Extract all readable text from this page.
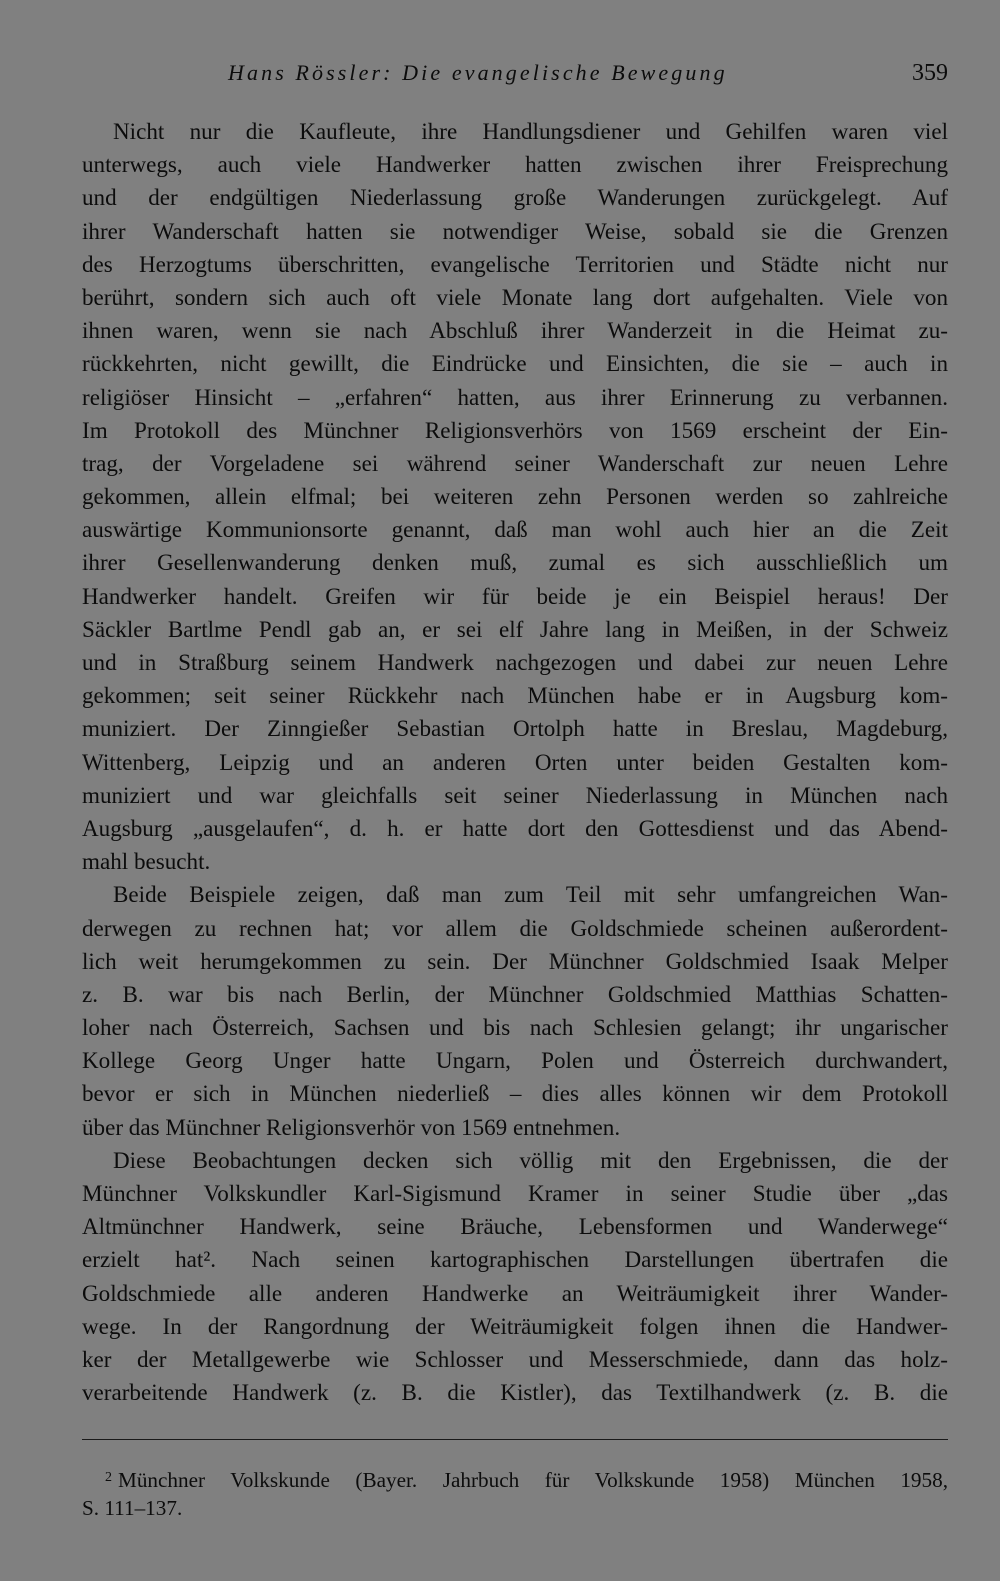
Hans Rössler: Die evangelische Bewegung	359
Nicht nur die Kaufleute, ihre Handlungsdiener und Gehilfen waren viel
unterwegs, auch viele Handwerker hatten zwischen ihrer Freisprechung
und der endgültigen Niederlassung große Wanderungen zurückgelegt. Auf
ihrer Wanderschaft hatten sie notwendiger Weise, sobald sie die Grenzen
des Herzogtums überschritten, evangelische Territorien und Städte nicht nur
berührt, sondern sich auch oft viele Monate lang dort aufgehalten. Viele von
ihnen waren, wenn sie nach Abschluß ihrer Wanderzeit in die Heimat zu-
rückkehrten, nicht gewillt, die Eindrücke und Einsichten, die sie – auch in
religiöser Hinsicht – „erfahren“ hatten, aus ihrer Erinnerung zu verbannen.
Im Protokoll des Münchner Religionsverhörs von 1569 erscheint der Ein-
trag, der Vorgeladene sei während seiner Wanderschaft zur neuen Lehre
gekommen, allein elfmal; bei weiteren zehn Personen werden so zahlreiche
auswärtige Kommunionsorte genannt, daß man wohl auch hier an die Zeit
ihrer Gesellenwanderung denken muß, zumal es sich ausschließlich um
Handwerker handelt. Greifen wir für beide je ein Beispiel heraus! Der
Säckler Bartlme Pendl gab an, er sei elf Jahre lang in Meißen, in der Schweiz
und in Straßburg seinem Handwerk nachgezogen und dabei zur neuen Lehre
gekommen; seit seiner Rückkehr nach München habe er in Augsburg kom-
muniziert. Der Zinngießer Sebastian Ortolph hatte in Breslau, Magdeburg,
Wittenberg, Leipzig und an anderen Orten unter beiden Gestalten kom-
muniziert und war gleichfalls seit seiner Niederlassung in München nach
Augsburg „ausgelaufen“, d. h. er hatte dort den Gottesdienst und das Abend-
mahl besucht.
Beide Beispiele zeigen, daß man zum Teil mit sehr umfangreichen Wan-
derwegen zu rechnen hat; vor allem die Goldschmiede scheinen außerordent-
lich weit herumgekommen zu sein. Der Münchner Goldschmied Isaak Melper
z. B. war bis nach Berlin, der Münchner Goldschmied Matthias Schatten-
loher nach Österreich, Sachsen und bis nach Schlesien gelangt; ihr ungarischer
Kollege Georg Unger hatte Ungarn, Polen und Österreich durchwandert,
bevor er sich in München niederließ – dies alles können wir dem Protokoll
über das Münchner Religionsverhör von 1569 entnehmen.
Diese Beobachtungen decken sich völlig mit den Ergebnissen, die der
Münchner Volkskundler Karl-Sigismund Kramer in seiner Studie über „das
Altmünchner Handwerk, seine Bräuche, Lebensformen und Wanderwege“
erzielt hat². Nach seinen kartographischen Darstellungen übertrafen die
Goldschmiede alle anderen Handwerke an Weiträumigkeit ihrer Wander-
wege. In der Rangordnung der Weiträumigkeit folgen ihnen die Handwer-
ker der Metallgewerbe wie Schlosser und Messerschmiede, dann das holz-
verarbeitende Handwerk (z. B. die Kistler), das Textilhandwerk (z. B. die
$^2$ Münchner Volkskunde (Bayer. Jahrbuch für Volkskunde 1958) München 1958,
S. 111–137.
